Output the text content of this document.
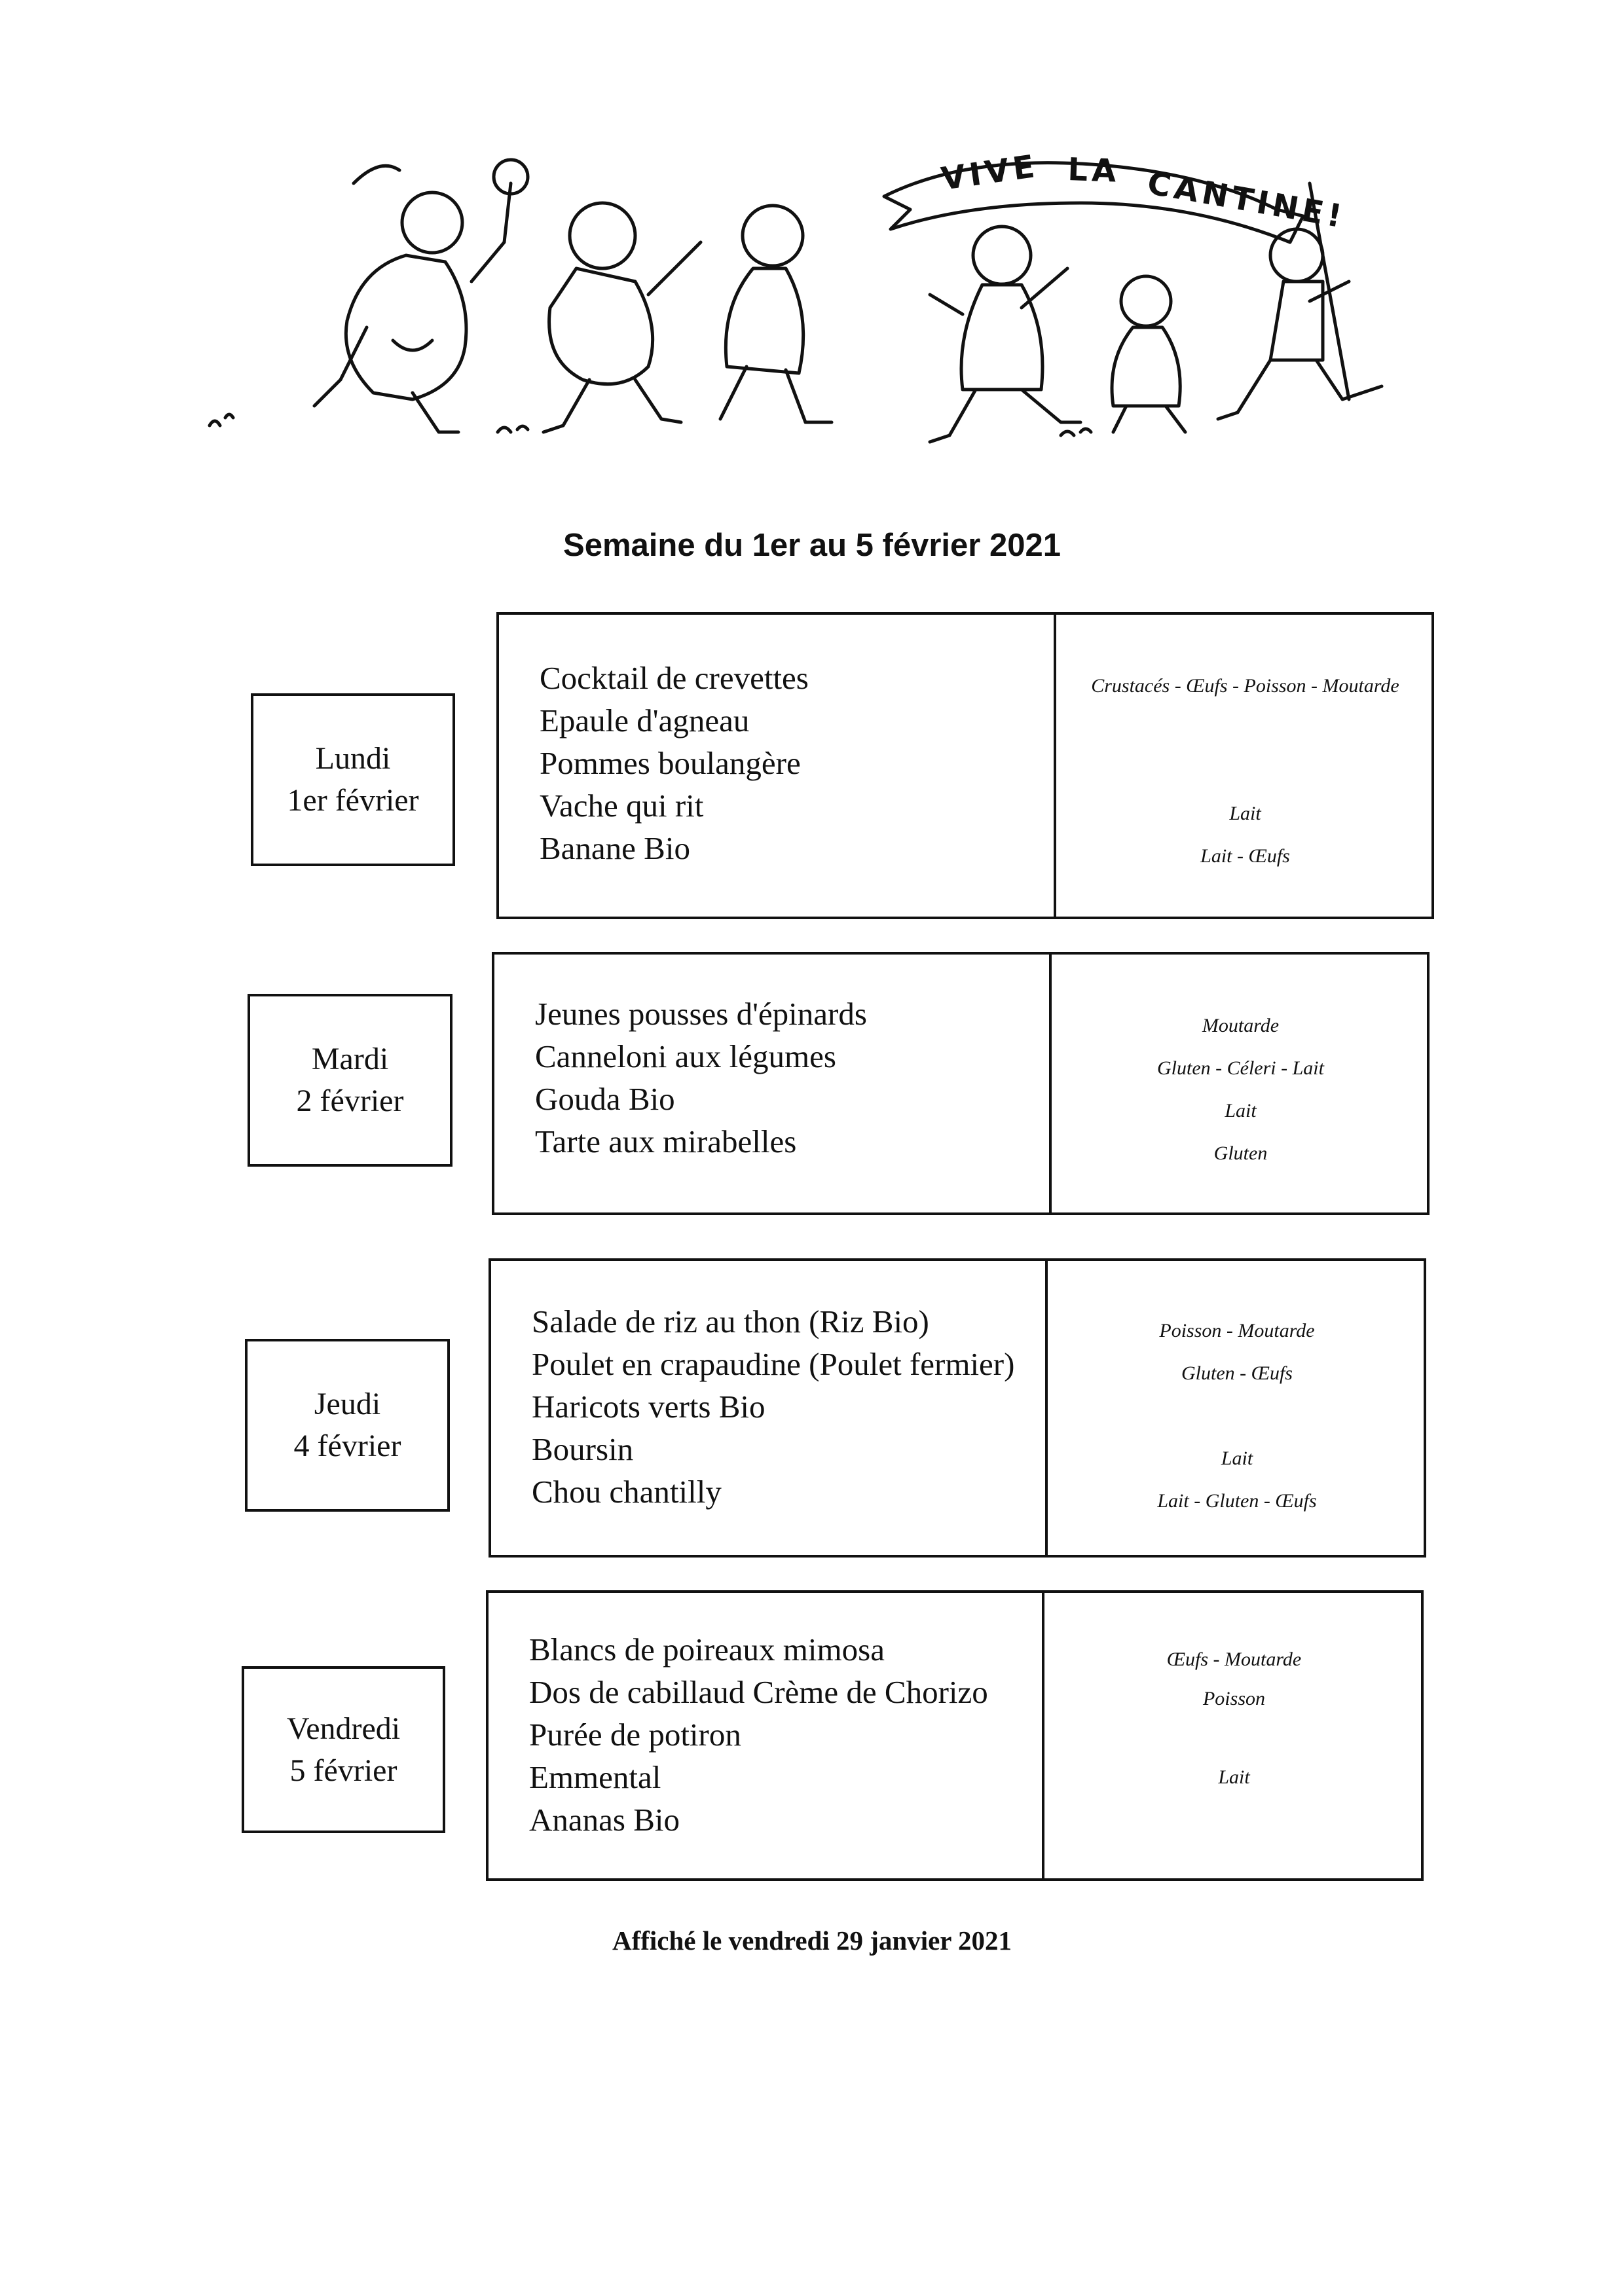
VIVE LA CANTINE!
Semaine du 1er au 5 février 2021
Lundi
1er février
Cocktail de crevettes
Epaule d'agneau
Pommes boulangère
Vache qui rit
Banane Bio
Crustacés - Œufs - Poisson - Moutarde
Lait
Lait - Œufs
Mardi
2 février
Jeunes pousses d'épinards
Canneloni aux légumes
Gouda Bio
Tarte aux mirabelles
Moutarde
Gluten - Céleri - Lait
Lait
Gluten
Jeudi
4 février
Salade de riz au thon (Riz Bio)
Poulet en crapaudine (Poulet fermier)
Haricots verts Bio
Boursin
Chou chantilly
Poisson - Moutarde
Gluten - Œufs
Lait
Lait - Gluten - Œufs
Vendredi
5 février
Blancs de poireaux mimosa
Dos de cabillaud Crème de Chorizo
Purée de potiron
Emmental
Ananas Bio
Œufs - Moutarde
Poisson
Lait
Affiché le vendredi 29 janvier 2021
